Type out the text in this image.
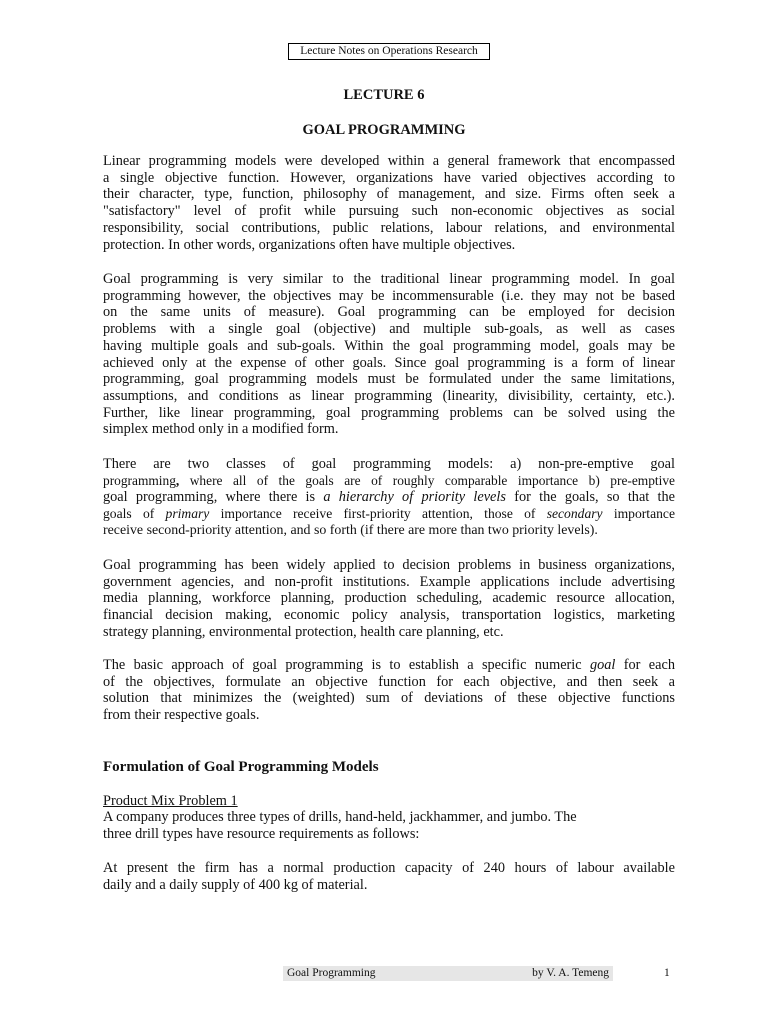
Lecture Notes on Operations Research
LECTURE 6
GOAL PROGRAMMING
Linear programming models were developed within a general framework that encompassed
a single objective function. However, organizations have varied objectives according to
their character, type, function, philosophy of management, and size. Firms often seek a
"satisfactory" level of profit while pursuing such non-economic objectives as social
responsibility, social contributions, public relations, labour relations, and environmental
protection. In other words, organizations often have multiple objectives.
Goal programming is very similar to the traditional linear programming model. In goal
programming however, the objectives may be incommensurable (i.e. they may not be based
on the same units of measure). Goal programming can be employed for decision
problems with a single goal (objective) and multiple sub-goals, as well as cases
having multiple goals and sub-goals. Within the goal programming model, goals may be
achieved only at the expense of other goals. Since goal programming is a form of linear
programming, goal programming models must be formulated under the same limitations,
assumptions, and conditions as linear programming (linearity, divisibility, certainty, etc.).
Further, like linear programming, goal programming problems can be solved using the
simplex method only in a modified form.
There are two classes of goal programming models: a) non-pre-emptive goal
programming, where all of the goals are of roughly comparable importance b) pre-emptive
goal programming, where there is a hierarchy of priority levels for the goals, so that the
goals of primary importance receive first-priority attention, those of secondary importance
receive second-priority attention, and so forth (if there are more than two priority levels).
Goal programming has been widely applied to decision problems in business organizations,
government agencies, and non-profit institutions. Example applications include advertising
media planning, workforce planning, production scheduling, academic resource allocation,
financial decision making, economic policy analysis, transportation logistics, marketing
strategy planning, environmental protection, health care planning, etc.
The basic approach of goal programming is to establish a specific numeric goal for each
of the objectives, formulate an objective function for each objective, and then seek a
solution that minimizes the (weighted) sum of deviations of these objective functions
from their respective goals.
Formulation of Goal Programming Models
Product Mix Problem 1
A company produces three types of drills, hand-held, jackhammer, and jumbo. The
three drill types have resource requirements as follows:
At present the firm has a normal production capacity of 240 hours of labour available
daily and a daily supply of 400 kg of material.
Goal Programming	by V. A. Temeng	1
